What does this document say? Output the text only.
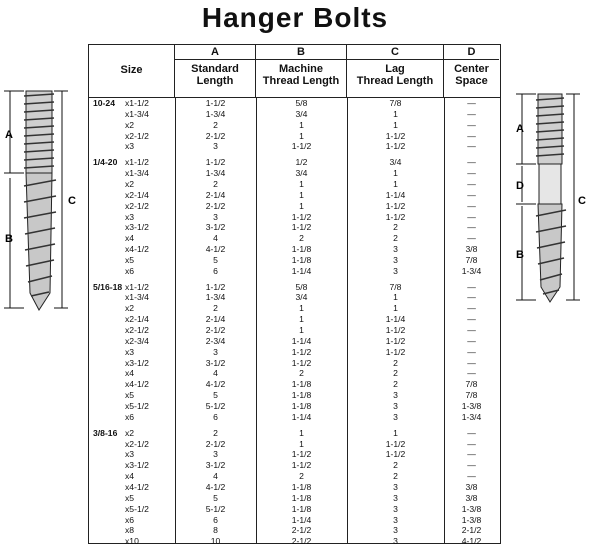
Hanger Bolts
A
B
C
A
D
B
C
Size
A
Standard
Length
B
Machine
Thread Length
C
Lag
Thread Length
D
Center
Space
10-24	x1-1/2	1-1/2	5/8	7/8	—
x1-3/4	1-3/4	3/4	1	—
x2	2	1	1	—
x2-1/2	2-1/2	1	1-1/2	—
x3	3	1-1/2	1-1/2	—
1/4-20 x1-1/2	1-1/2	1/2	3/4	—
x1-3/4	1-3/4	3/4	1	—
x2	2	1	1	—
x2-1/4	2-1/4	1	1-1/4	—
x2-1/2	2-1/2	1	1-1/2	—
x3	3	1-1/2	1-1/2	—
x3-1/2	3-1/2	1-1/2	2	—
x4	4	2	2	—
x4-1/2	4-1/2	1-1/8	3	3/8
x5	5	1-1/8	3	7/8
x6	6	1-1/4	3	1-3/4
5/16-18 x1-1/2	1-1/2	5/8	7/8	—
x1-3/4	1-3/4	3/4	1	—
x2	2	1	1	—
x2-1/4	2-1/4	1	1-1/4	—
x2-1/2	2-1/2	1	1-1/2	—
x2-3/4	2-3/4	1-1/4	1-1/2	—
x3	3	1-1/2	1-1/2	—
x3-1/2	3-1/2	1-1/2	2	—
x4	4	2	2	—
x4-1/2	4-1/2	1-1/8	2	7/8
x5	5	1-1/8	3	7/8
x5-1/2	5-1/2	1-1/8	3	1-3/8
x6	6	1-1/4	3	1-3/4
3/8-16 x2	2	1	1	—
x2-1/2	2-1/2	1	1-1/2	—
x3	3	1-1/2	1-1/2	—
x3-1/2	3-1/2	1-1/2	2	—
x4	4	2	2	—
x4-1/2	4-1/2	1-1/8	3	3/8
x5	5	1-1/8	3	3/8
x5-1/2	5-1/2	1-1/8	3	1-3/8
x6	6	1-1/4	3	1-3/8
x8	8	2-1/2	3	2-1/2
x10	10	2-1/2	3	4-1/2
